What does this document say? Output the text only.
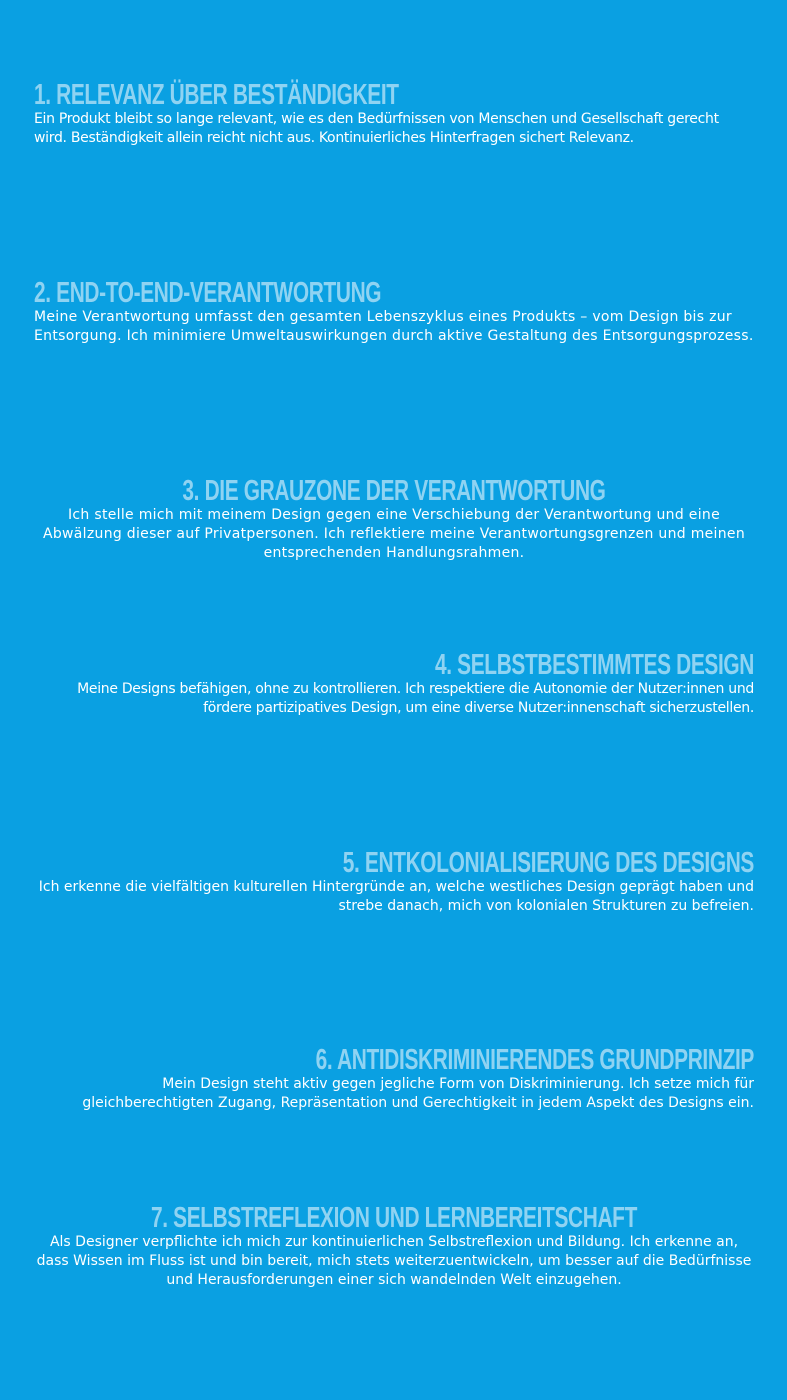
1. RELEVANZ ÜBER BESTÄNDIGKEIT

Ein Produkt bleibt so lange relevant, wie es den Bedürfnissen von Menschen und Gesellschaft gerecht wird. Beständigkeit allein reicht nicht aus. Kontinuierliches Hinterfragen sichert Relevanz.

2. END-TO-END-VERANTWORTUNG

Meine Verantwortung umfasst den gesamten Lebenszyklus eines Produkts – vom Design bis zur Entsorgung. Ich minimiere Umweltauswirkungen durch aktive Gestaltung des Entsorgungsprozess.

3. DIE GRAUZONE DER VERANTWORTUNG

Ich stelle mich mit meinem Design gegen eine Verschiebung der Verantwortung und eine Abwälzung dieser auf Privatpersonen. Ich reflektiere meine Verantwortungsgrenzen und meinen entsprechenden Handlungsrahmen.

4. SELBSTBESTIMMTES DESIGN

Meine Designs befähigen, ohne zu kontrollieren. Ich respektiere die Autonomie der Nutzer:innen und fördere partizipatives Design, um eine diverse Nutzer:innenschaft sicherzustellen.

5. ENTKOLONIALISIERUNG DES DESIGNS

Ich erkenne die vielfältigen kulturellen Hintergründe an, welche westliches Design geprägt haben und strebe danach, mich von kolonialen Strukturen zu befreien.

6. ANTIDISKRIMINIERENDES GRUNDPRINZIP

Mein Design steht aktiv gegen jegliche Form von Diskriminierung. Ich setze mich für gleichberechtigten Zugang, Repräsentation und Gerechtigkeit in jedem Aspekt des Designs ein.

7. SELBSTREFLEXION UND LERNBEREITSCHAFT

Als Designer verpflichte ich mich zur kontinuierlichen Selbstreflexion und Bildung. Ich erkenne an, dass Wissen im Fluss ist und bin bereit, mich stets weiterzuentwickeln, um besser auf die Bedürfnisse und Herausforderungen einer sich wandelnden Welt einzugehen.
